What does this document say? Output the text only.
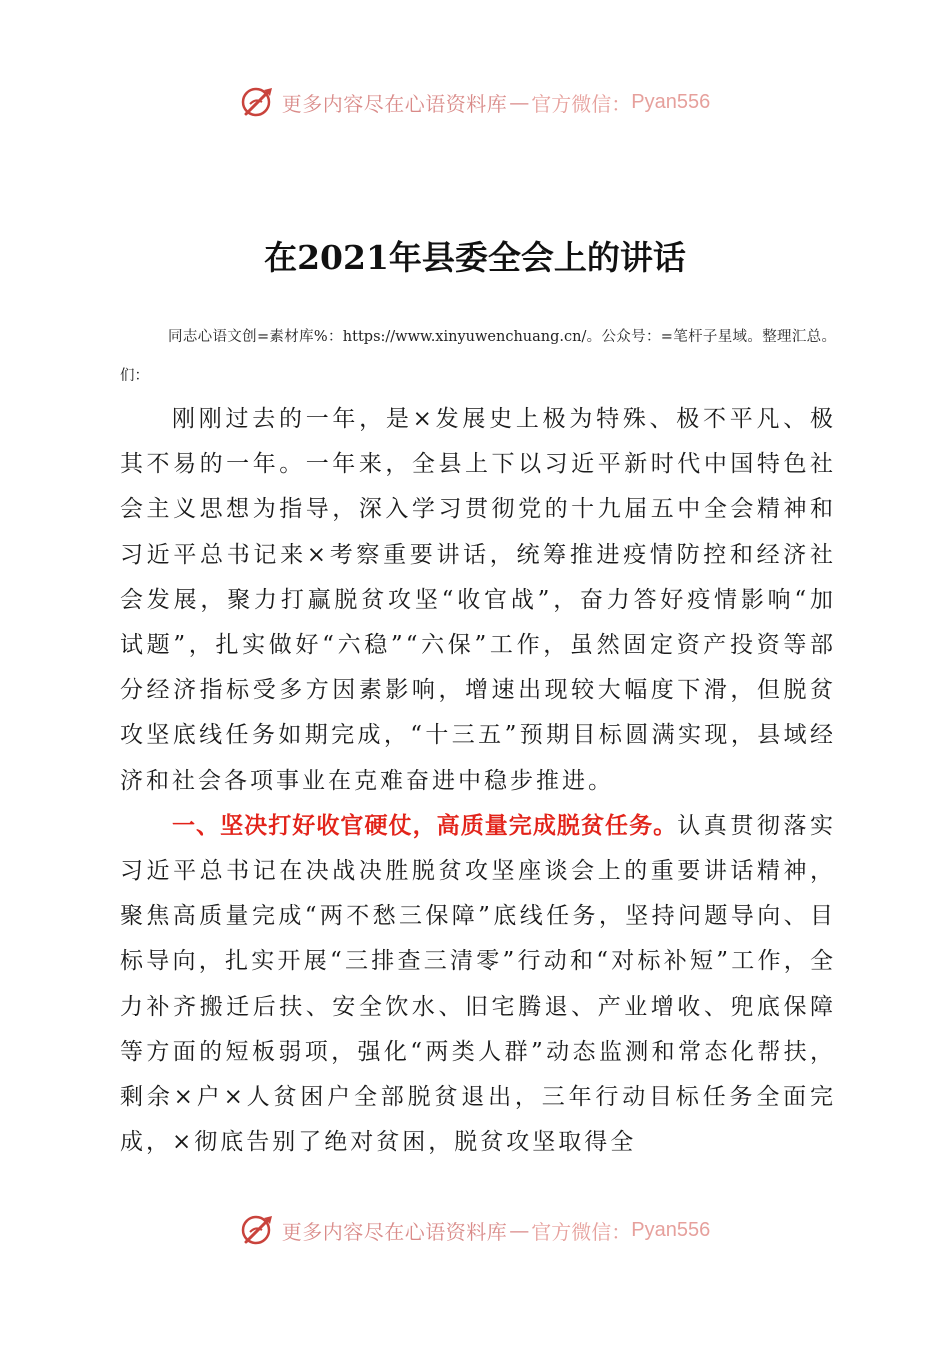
更多内容尽在心语资料库 — 官方微信： Pyan556
在2021年县委全会上的讲话

同志心语文创=素材库%：https://www.xinyuwenchuang.cn/。公众号：=笔杆子星域。整理汇总。们：

刚刚过去的一年，是×发展史上极为特殊、极不平凡、极其不易的一年。一年来，全县上下以习近平新时代中国特色社会主义思想为指导，深入学习贯彻党的十九届五中全会精神和习近平总书记来×考察重要讲话，统筹推进疫情防控和经济社会发展，聚力打赢脱贫攻坚“收官战”，奋力答好疫情影响“加试题”，扎实做好“六稳”“六保”工作，虽然固定资产投资等部分经济指标受多方因素影响，增速出现较大幅度下滑，但脱贫攻坚底线任务如期完成，“十三五”预期目标圆满实现，县域经济和社会各项事业在克难奋进中稳步推进。

一、坚决打好收官硬仗，高质量完成脱贫任务。认真贯彻落实习近平总书记在决战决胜脱贫攻坚座谈会上的重要讲话精神，聚焦高质量完成“两不愁三保障”底线任务，坚持问题导向、目标导向，扎实开展“三排查三清零”行动和“对标补短”工作，全力补齐搬迁后扶、安全饮水、旧宅腾退、产业增收、兜底保障等方面的短板弱项，强化“两类人群”动态监测和常态化帮扶，剩余×户×人贫困户全部脱贫退出，三年行动目标任务全面完成，×彻底告别了绝对贫困，脱贫攻坚取得全

更多内容尽在心语资料库 — 官方微信： Pyan556
